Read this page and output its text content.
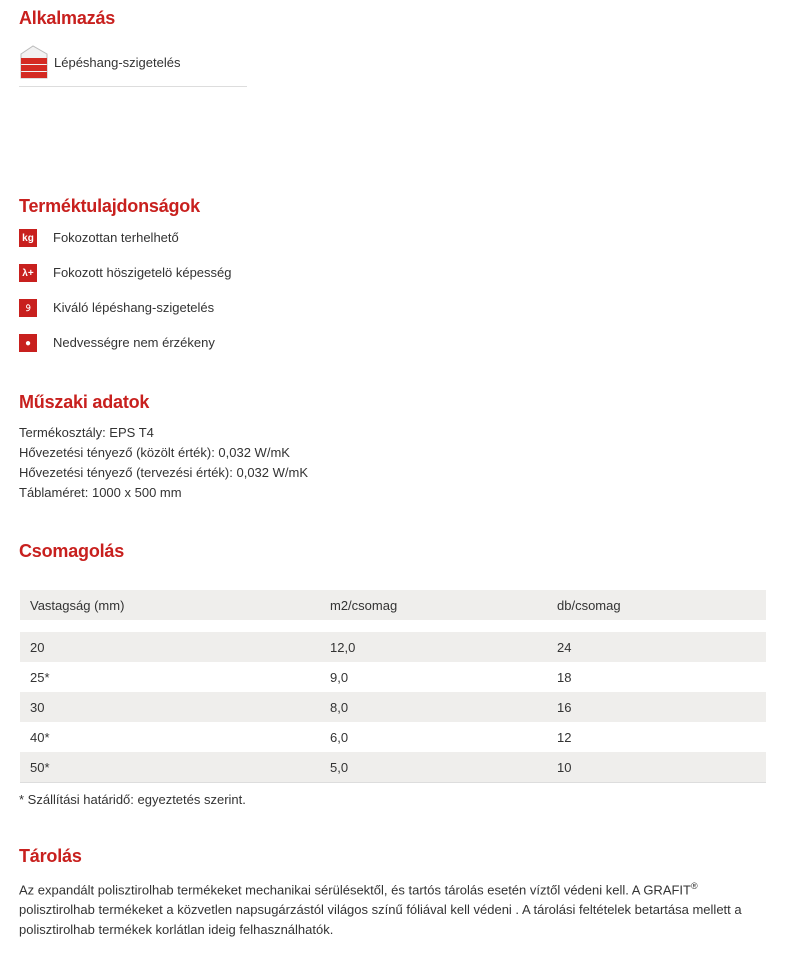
Alkalmazás
Lépéshang-szigetelés
Terméktulajdonságok
kg Fokozottan terhelhető
λ+ Fokozott höszigetelö képesség
𝟿	Kiváló lépéshang-szigetelés
●	Nedvességre nem érzékeny
Műszaki adatok
Termékosztály: EPS T4
Hővezetési tényező (közölt érték): 0,032 W/mK
Hővezetési tényező (tervezési érték): 0,032 W/mK
Táblaméret: 1000 x 500 mm
Csomagolás
Vastagság (mm)	m2/csomag	db/csomag

20	12,0	24
25*	9,0	18
30	8,0	16
40*	6,0	12
50*	5,0	10
* Szállítási határidő: egyeztetés szerint.
Tárolás
Az expandált polisztirolhab termékeket mechanikai sérülésektől, és tartós tárolás esetén víztől védeni kell. A GRAFIT® polisztirolhab termékeket a közvetlen napsugárzástól világos színű fóliával kell védeni . A tárolási feltételek betartása mellett a polisztirolhab termékek korlátlan ideig felhasználhatók.
